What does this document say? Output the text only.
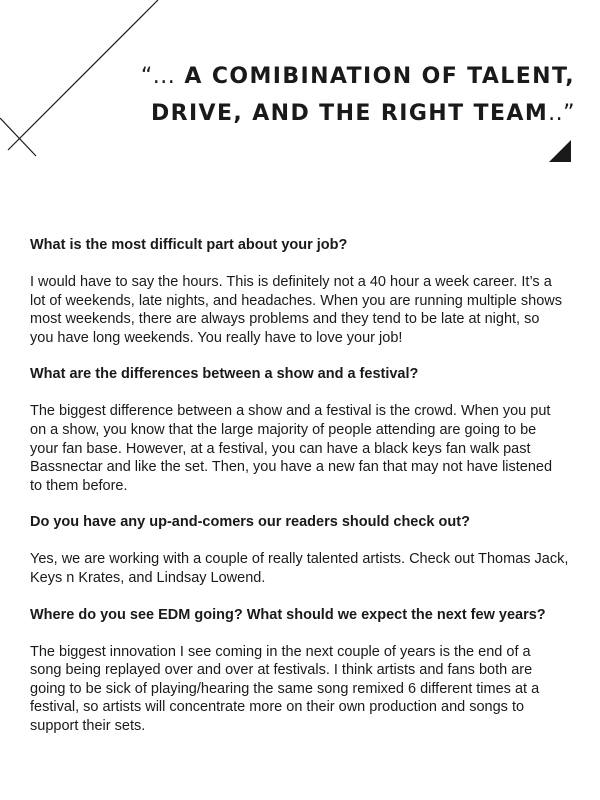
“... A COMIBINATION OF TALENT,
DRIVE, AND THE RIGHT TEAM..”
What is the most difficult part about your job?
I would have to say the hours. This is definitely not a 40 hour a week career. It’s a
lot of weekends, late nights, and headaches. When you are running multiple shows
most weekends, there are always problems and they tend to be late at night, so
you have long weekends. You really have to love your job!
What are the differences between a show and a festival?
The biggest difference between a show and a festival is the crowd. When you put
on a show, you know that the large majority of people attending are going to be
your fan base. However, at a festival, you can have a black keys fan walk past
Bassnectar and like the set. Then, you have a new fan that may not have listened
to them before.
Do you have any up-and-comers our readers should check out?
Yes, we are working with a couple of really talented artists. Check out Thomas Jack,
Keys n Krates, and Lindsay Lowend.
Where do you see EDM going? What should we expect the next few years?
The biggest innovation I see coming in the next couple of years is the end of a
song being replayed over and over at festivals. I think artists and fans both are
going to be sick of playing/hearing the same song remixed 6 different times at a
festival, so artists will concentrate more on their own production and songs to
support their sets.
